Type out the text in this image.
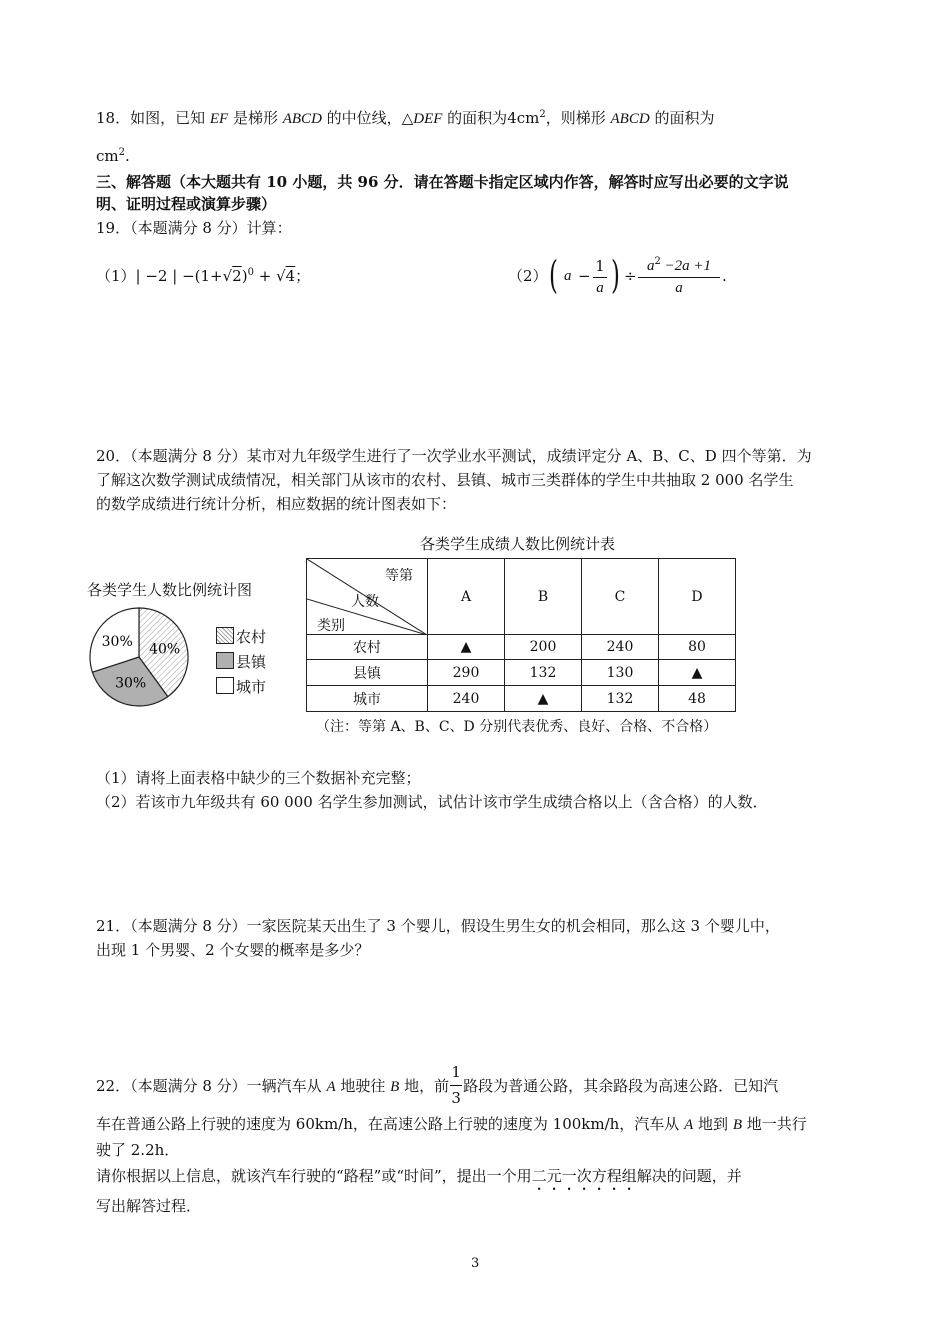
18．如图，已知 EF 是梯形 ABCD 的中位线，△DEF 的面积为$4cm^2$，则梯形 ABCD 的面积为
$cm^2$.
三、解答题（本大题共有 10 小题，共 96 分．请在答题卡指定区域内作答，解答时应写出必要的文字说
明、证明过程或演算步骤）
19．（本题满分 8 分）计算：
（1）| −2 | $-(1+√2)^0 + √4$；	（2） ( a −
1
a ) ÷
$a^2 -2a +1$
a
.
20．（本题满分 8 分）某市对九年级学生进行了一次学业水平测试，成绩评定分 A、B、C、D 四个等第．为
了解这次数学测试成绩情况，相关部门从该市的农村、县镇、城市三类群体的学生中共抽取 2 000 名学生
的数学成绩进行统计分析，相应数据的统计图表如下：
各类学生成绩人数比例统计表
各类学生人数比例统计图
40%
30%
30%	农村
县镇
城市
等第
人数
类别	A	B	C	D
农村	▲	200	240	80
县镇	290	132	130	▲
城市	240	▲	132	48
（注：等第 A、B、C、D 分别代表优秀、良好、合格、不合格）
（1）请将上面表格中缺少的三个数据补充完整；
（2）若该市九年级共有 60 000 名学生参加测试，试估计该市学生成绩合格以上（含合格）的人数．
21．（本题满分 8 分）一家医院某天出生了 3 个婴儿，假设生男生女的机会相同，那么这 3 个婴儿中，
出现 1 个男婴、2 个女婴的概率是多少？
22．（本题满分 8 分）一辆汽车从 A 地驶往 B 地，前 $\frac{1}{3}$ 路段为普通公路，其余路段为高速公路．已知汽
车在普通公路上行驶的速度为 60km/h，在高速公路上行驶的速度为 100km/h，汽车从 A 地到 B 地一共行
驶了 2.2h．
请你根据以上信息，就该汽车行驶的“路程”或“时间”，提出一个用二元一次方程组解决的问题，并
写出解答过程．
3
